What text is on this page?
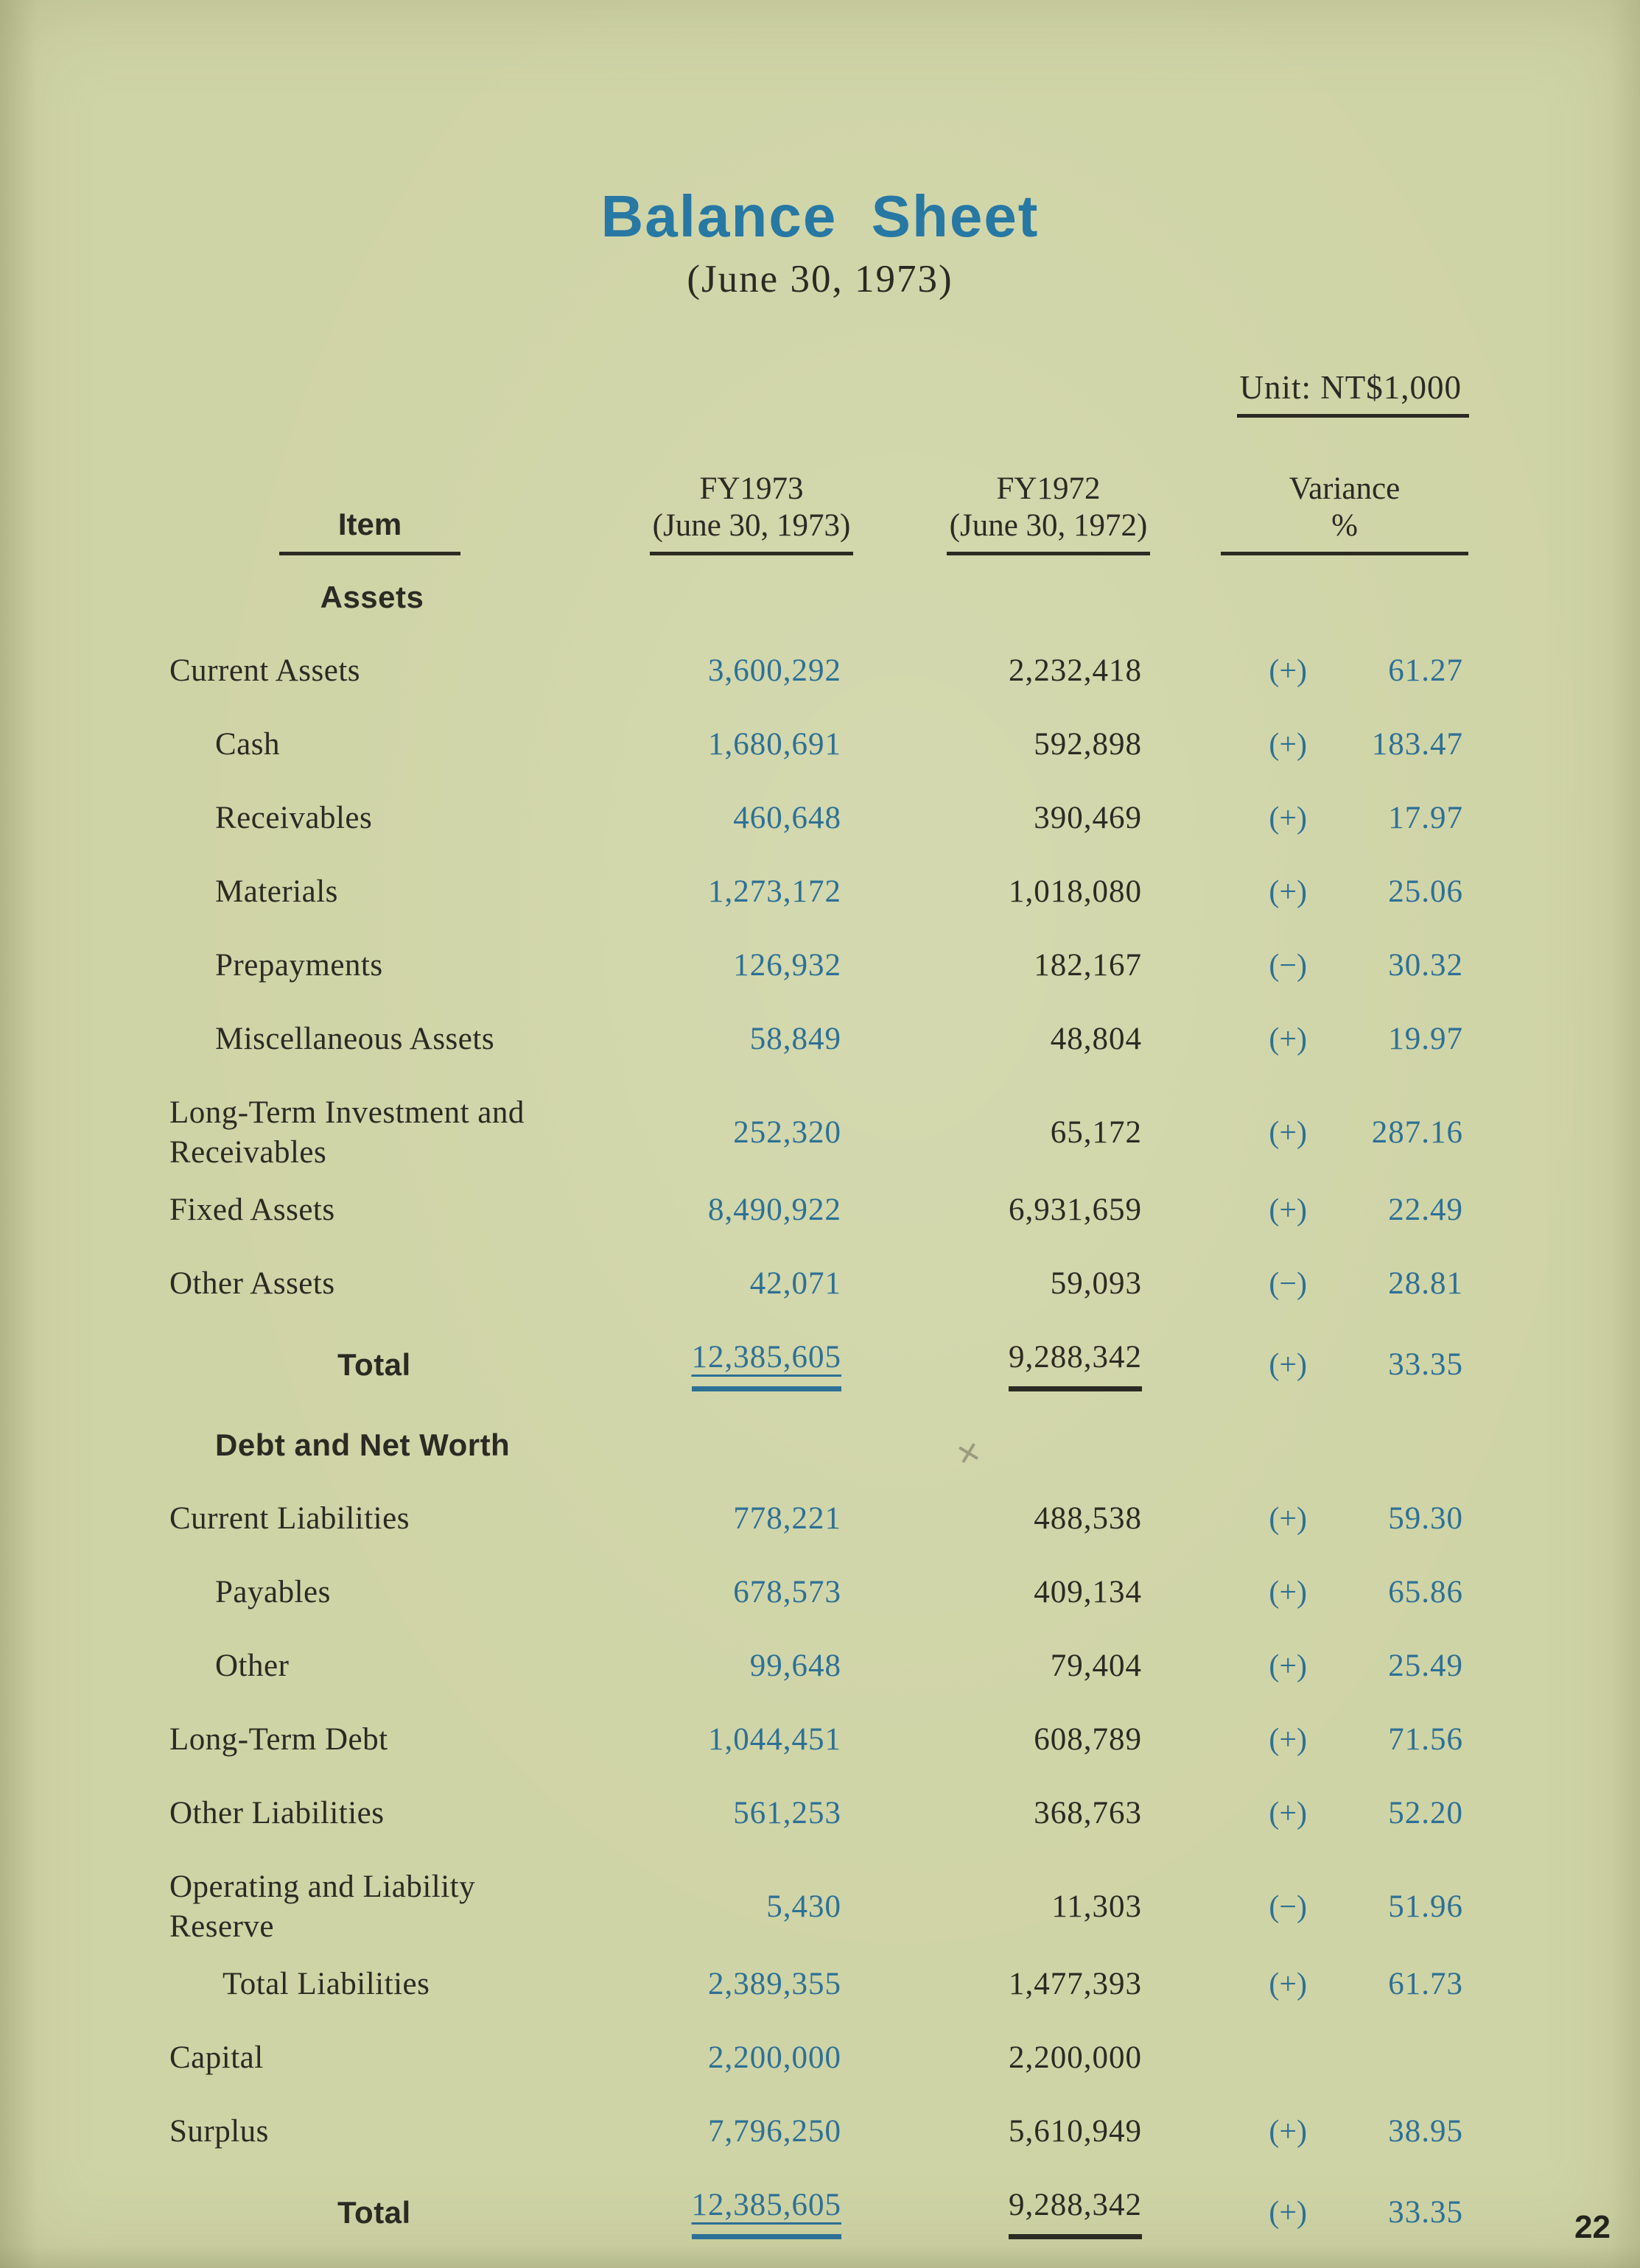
Balance Sheet
(June 30, 1973)
Unit: NT$1,000
Item
FY1973
(June 30, 1973)
FY1972
(June 30, 1972)
Variance
%
Assets
Current Assets	3,600,292	2,232,418	(+)	61.27
Cash	1,680,691	592,898	(+)	183.47
Receivables	460,648	390,469	(+)	17.97
Materials	1,273,172	1,018,080	(+)	25.06
Prepayments	126,932	182,167	(−)	30.32
Miscellaneous Assets	58,849	48,804	(+)	19.97
Long-Term Investment and
Receivables
252,320	65,172	(+)	287.16
Fixed Assets	8,490,922	6,931,659	(+)	22.49
Other Assets	42,071	59,093	(−)	28.81
Total	12,385,605	9,288,342	(+)	33.35
Debt and Net Worth
Current Liabilities	778,221	488,538	(+)	59.30
Payables	678,573	409,134	(+)	65.86
Other	99,648	79,404	(+)	25.49
Long-Term Debt	1,044,451	608,789	(+)	71.56
Other Liabilities	561,253	368,763	(+)	52.20
Operating and Liability
Reserve
5,430	11,303	(−)	51.96
Total Liabilities	2,389,355	1,477,393	(+)	61.73
Capital	2,200,000	2,200,000
Surplus	7,796,250	5,610,949	(+)	38.95
Total	12,385,605	9,288,342	(+)	33.35
✕
22
